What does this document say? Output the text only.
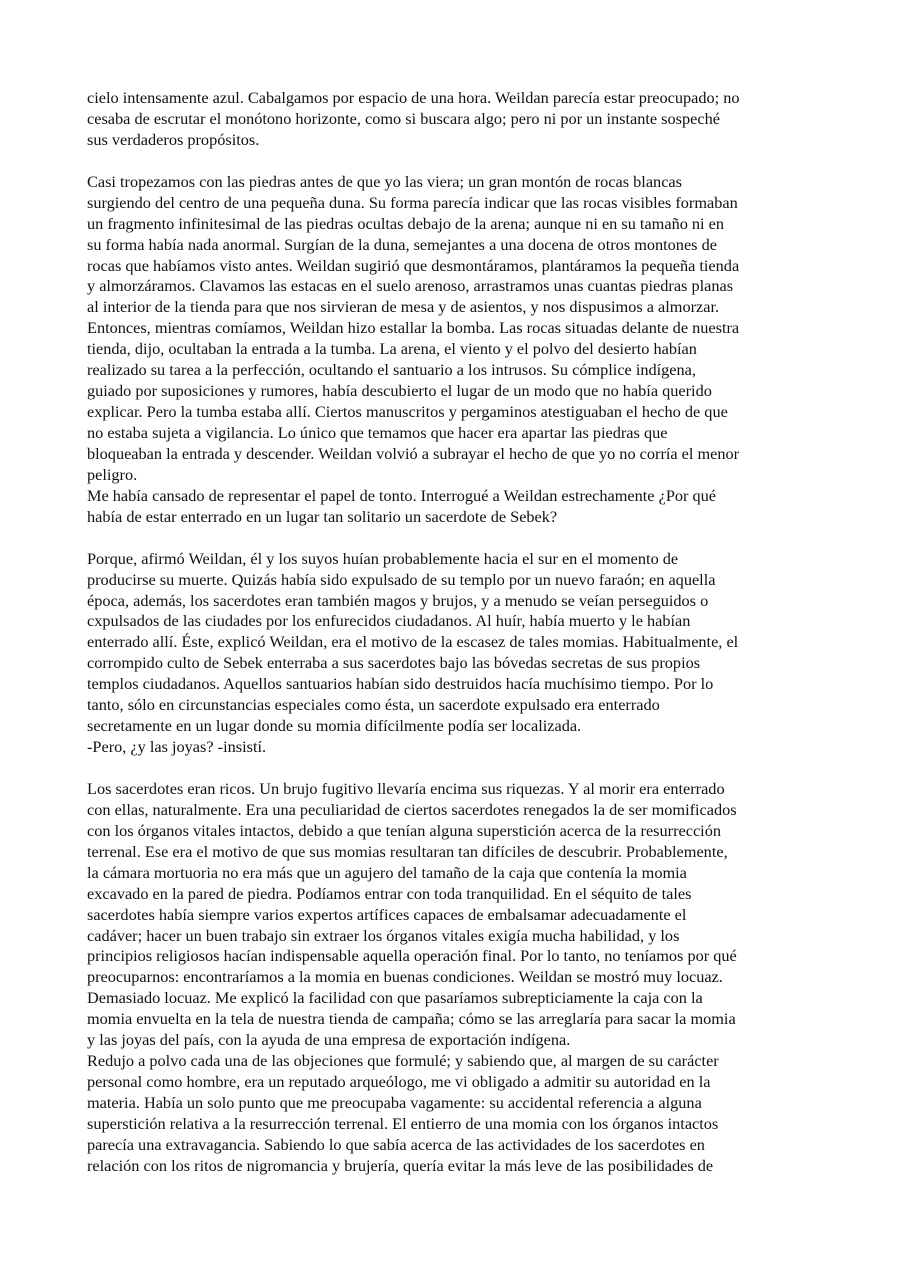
cielo intensamente azul. Cabalgamos por espacio de una hora. Weildan parecía estar preocupado; no
cesaba de escrutar el monótono horizonte, como si buscara algo; pero ni por un instante sospeché
sus verdaderos propósitos.
Casi tropezamos con las piedras antes de que yo las viera; un gran montón de rocas blancas
surgiendo del centro de una pequeña duna. Su forma parecía indicar que las rocas visibles formaban
un fragmento infinitesimal de las piedras ocultas debajo de la arena; aunque ni en su tamaño ni en
su forma había nada anormal. Surgían de la duna, semejantes a una docena de otros montones de
rocas que habíamos visto antes. Weildan sugirió que desmontáramos, plantáramos la pequeña tienda
y almorzáramos. Clavamos las estacas en el suelo arenoso, arrastramos unas cuantas piedras planas
al interior de la tienda para que nos sirvieran de mesa y de asientos, y nos dispusimos a almorzar.
Entonces, mientras comíamos, Weildan hizo estallar la bomba. Las rocas situadas delante de nuestra
tienda, dijo, ocultaban la entrada a la tumba. La arena, el viento y el polvo del desierto habían
realizado su tarea a la perfección, ocultando el santuario a los intrusos. Su cómplice indígena,
guiado por suposiciones y rumores, había descubierto el lugar de un modo que no había querido
explicar. Pero la tumba estaba allí. Ciertos manuscritos y pergaminos atestiguaban el hecho de que
no estaba sujeta a vigilancia. Lo único que temamos que hacer era apartar las piedras que
bloqueaban la entrada y descender. Weildan volvió a subrayar el hecho de que yo no corría el menor
peligro.
Me había cansado de representar el papel de tonto. Interrogué a Weildan estrechamente ¿Por qué
había de estar enterrado en un lugar tan solitario un sacerdote de Sebek?
Porque, afirmó Weildan, él y los suyos huían probablemente hacia el sur en el momento de
producirse su muerte. Quizás había sido expulsado de su templo por un nuevo faraón; en aquella
época, además, los sacerdotes eran también magos y brujos, y a menudo se veían perseguidos o
cxpulsados de las ciudades por los enfurecidos ciudadanos. Al huír, había muerto y le habían
enterrado allí. Éste, explicó Weildan, era el motivo de la escasez de tales momias. Habitualmente, el
corrompido culto de Sebek enterraba a sus sacerdotes bajo las bóvedas secretas de sus propios
templos ciudadanos. Aquellos santuarios habían sido destruidos hacía muchísimo tiempo. Por lo
tanto, sólo en circunstancias especiales como ésta, un sacerdote expulsado era enterrado
secretamente en un lugar donde su momia difícilmente podía ser localizada.
-Pero, ¿y las joyas? -insistí.
Los sacerdotes eran ricos. Un brujo fugitivo llevaría encima sus riquezas. Y al morir era enterrado
con ellas, naturalmente. Era una peculiaridad de ciertos sacerdotes renegados la de ser momificados
con los órganos vitales intactos, debido a que tenían alguna superstición acerca de la resurrección
terrenal. Ese era el motivo de que sus momias resultaran tan difíciles de descubrir. Probablemente,
la cámara mortuoria no era más que un agujero del tamaño de la caja que contenía la momia
excavado en la pared de piedra. Podíamos entrar con toda tranquilidad. En el séquito de tales
sacerdotes había siempre varios expertos artífices capaces de embalsamar adecuadamente el
cadáver; hacer un buen trabajo sin extraer los órganos vitales exigía mucha habilidad, y los
principios religiosos hacían indispensable aquella operación final. Por lo tanto, no teníamos por qué
preocuparnos: encontraríamos a la momia en buenas condiciones. Weildan se mostró muy locuaz.
Demasiado locuaz. Me explicó la facilidad con que pasaríamos subrepticiamente la caja con la
momia envuelta en la tela de nuestra tienda de campaña; cómo se las arreglaría para sacar la momia
y las joyas del país, con la ayuda de una empresa de exportación indígena.
Redujo a polvo cada una de las objeciones que formulé; y sabiendo que, al margen de su carácter
personal como hombre, era un reputado arqueólogo, me vi obligado a admitir su autoridad en la
materia. Había un solo punto que me preocupaba vagamente: su accidental referencia a alguna
superstición relativa a la resurrección terrenal. El entierro de una momia con los órganos intactos
parecía una extravagancia. Sabiendo lo que sabía acerca de las actividades de los sacerdotes en
relación con los ritos de nigromancia y brujería, quería evitar la más leve de las posibilidades de
